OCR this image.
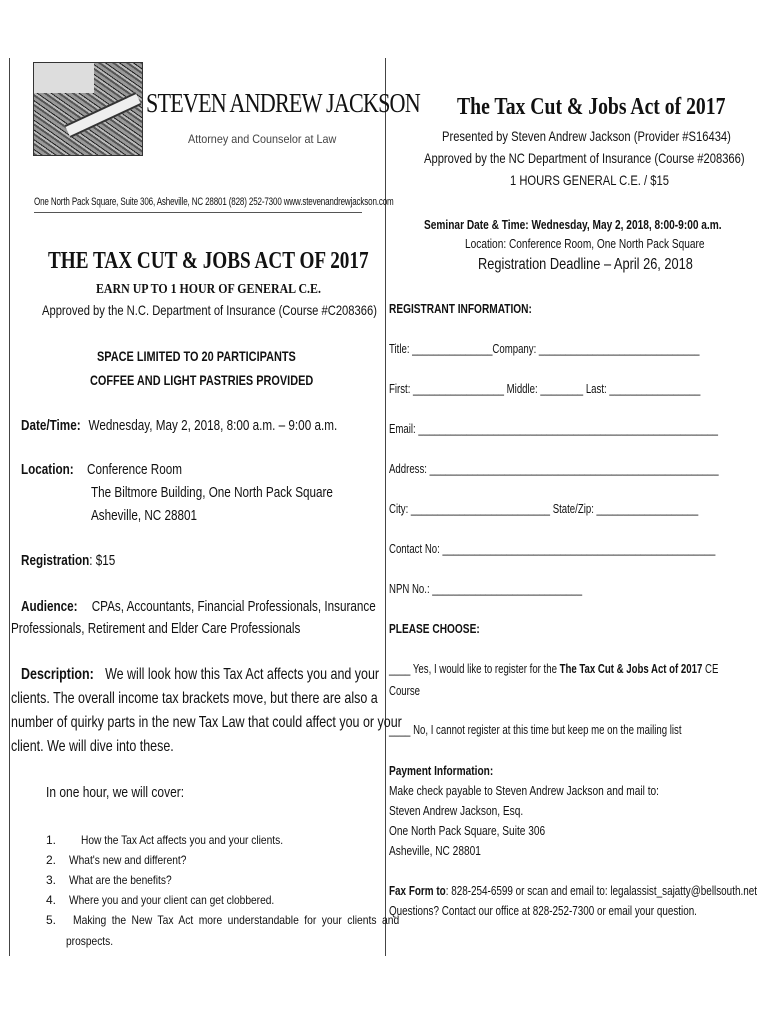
STEVEN ANDREW JACKSON
Attorney and Counselor at Law
One North Pack Square, Suite 306, Asheville, NC 28801 (828) 252-7300 www.stevenandrewjackson.com
THE TAX CUT & JOBS ACT OF 2017
EARN UP TO 1 HOUR OF GENERAL C.E.
Approved by the N.C. Department of Insurance (Course #C208366)
SPACE LIMITED TO 20 PARTICIPANTS
COFFEE AND LIGHT PASTRIES PROVIDED
Date/Time: Wednesday, May 2, 2018, 8:00 a.m. – 9:00 a.m.
Location: Conference Room
The Biltmore Building, One North Pack Square
Asheville, NC 28801
Registration: $15
Audience: CPAs, Accountants, Financial Professionals, Insurance
Professionals, Retirement and Elder Care Professionals
Description: We will look how this Tax Act affects you and your
clients. The overall income tax brackets move, but there are also a
number of quirky parts in the new Tax Law that could affect you or your
client. We will dive into these.
In one hour, we will cover:
1. How the Tax Act affects you and your clients.
2. What's new and different?
3. What are the benefits?
4. Where you and your client can get clobbered.
5. Making the New Tax Act more understandable for your clients and
prospects.
The Tax Cut & Jobs Act of 2017
Presented by Steven Andrew Jackson (Provider #S16434)
Approved by the NC Department of Insurance (Course #208366)
1 HOURS GENERAL C.E. / $15
Seminar Date & Time: Wednesday, May 2, 2018, 8:00-9:00 a.m.
Location: Conference Room, One North Pack Square
Registration Deadline – April 26, 2018
REGISTRANT INFORMATION:
Title: _______________Company: ______________________________
First: _________________ Middle: ________ Last: _________________
Email: ________________________________________________________
Address: ______________________________________________________
City: __________________________ State/Zip: ___________________
Contact No: ___________________________________________________
NPN No.: ____________________________
PLEASE CHOOSE:
____ Yes, I would like to register for the The Tax Cut & Jobs Act of 2017 CE
Course
____ No, I cannot register at this time but keep me on the mailing list
Payment Information:
Make check payable to Steven Andrew Jackson and mail to:
Steven Andrew Jackson, Esq.
One North Pack Square, Suite 306
Asheville, NC 28801
Fax Form to: 828-254-6599 or scan and email to: legalassist_sajatty@bellsouth.net
Questions? Contact our office at 828-252-7300 or email your question.
